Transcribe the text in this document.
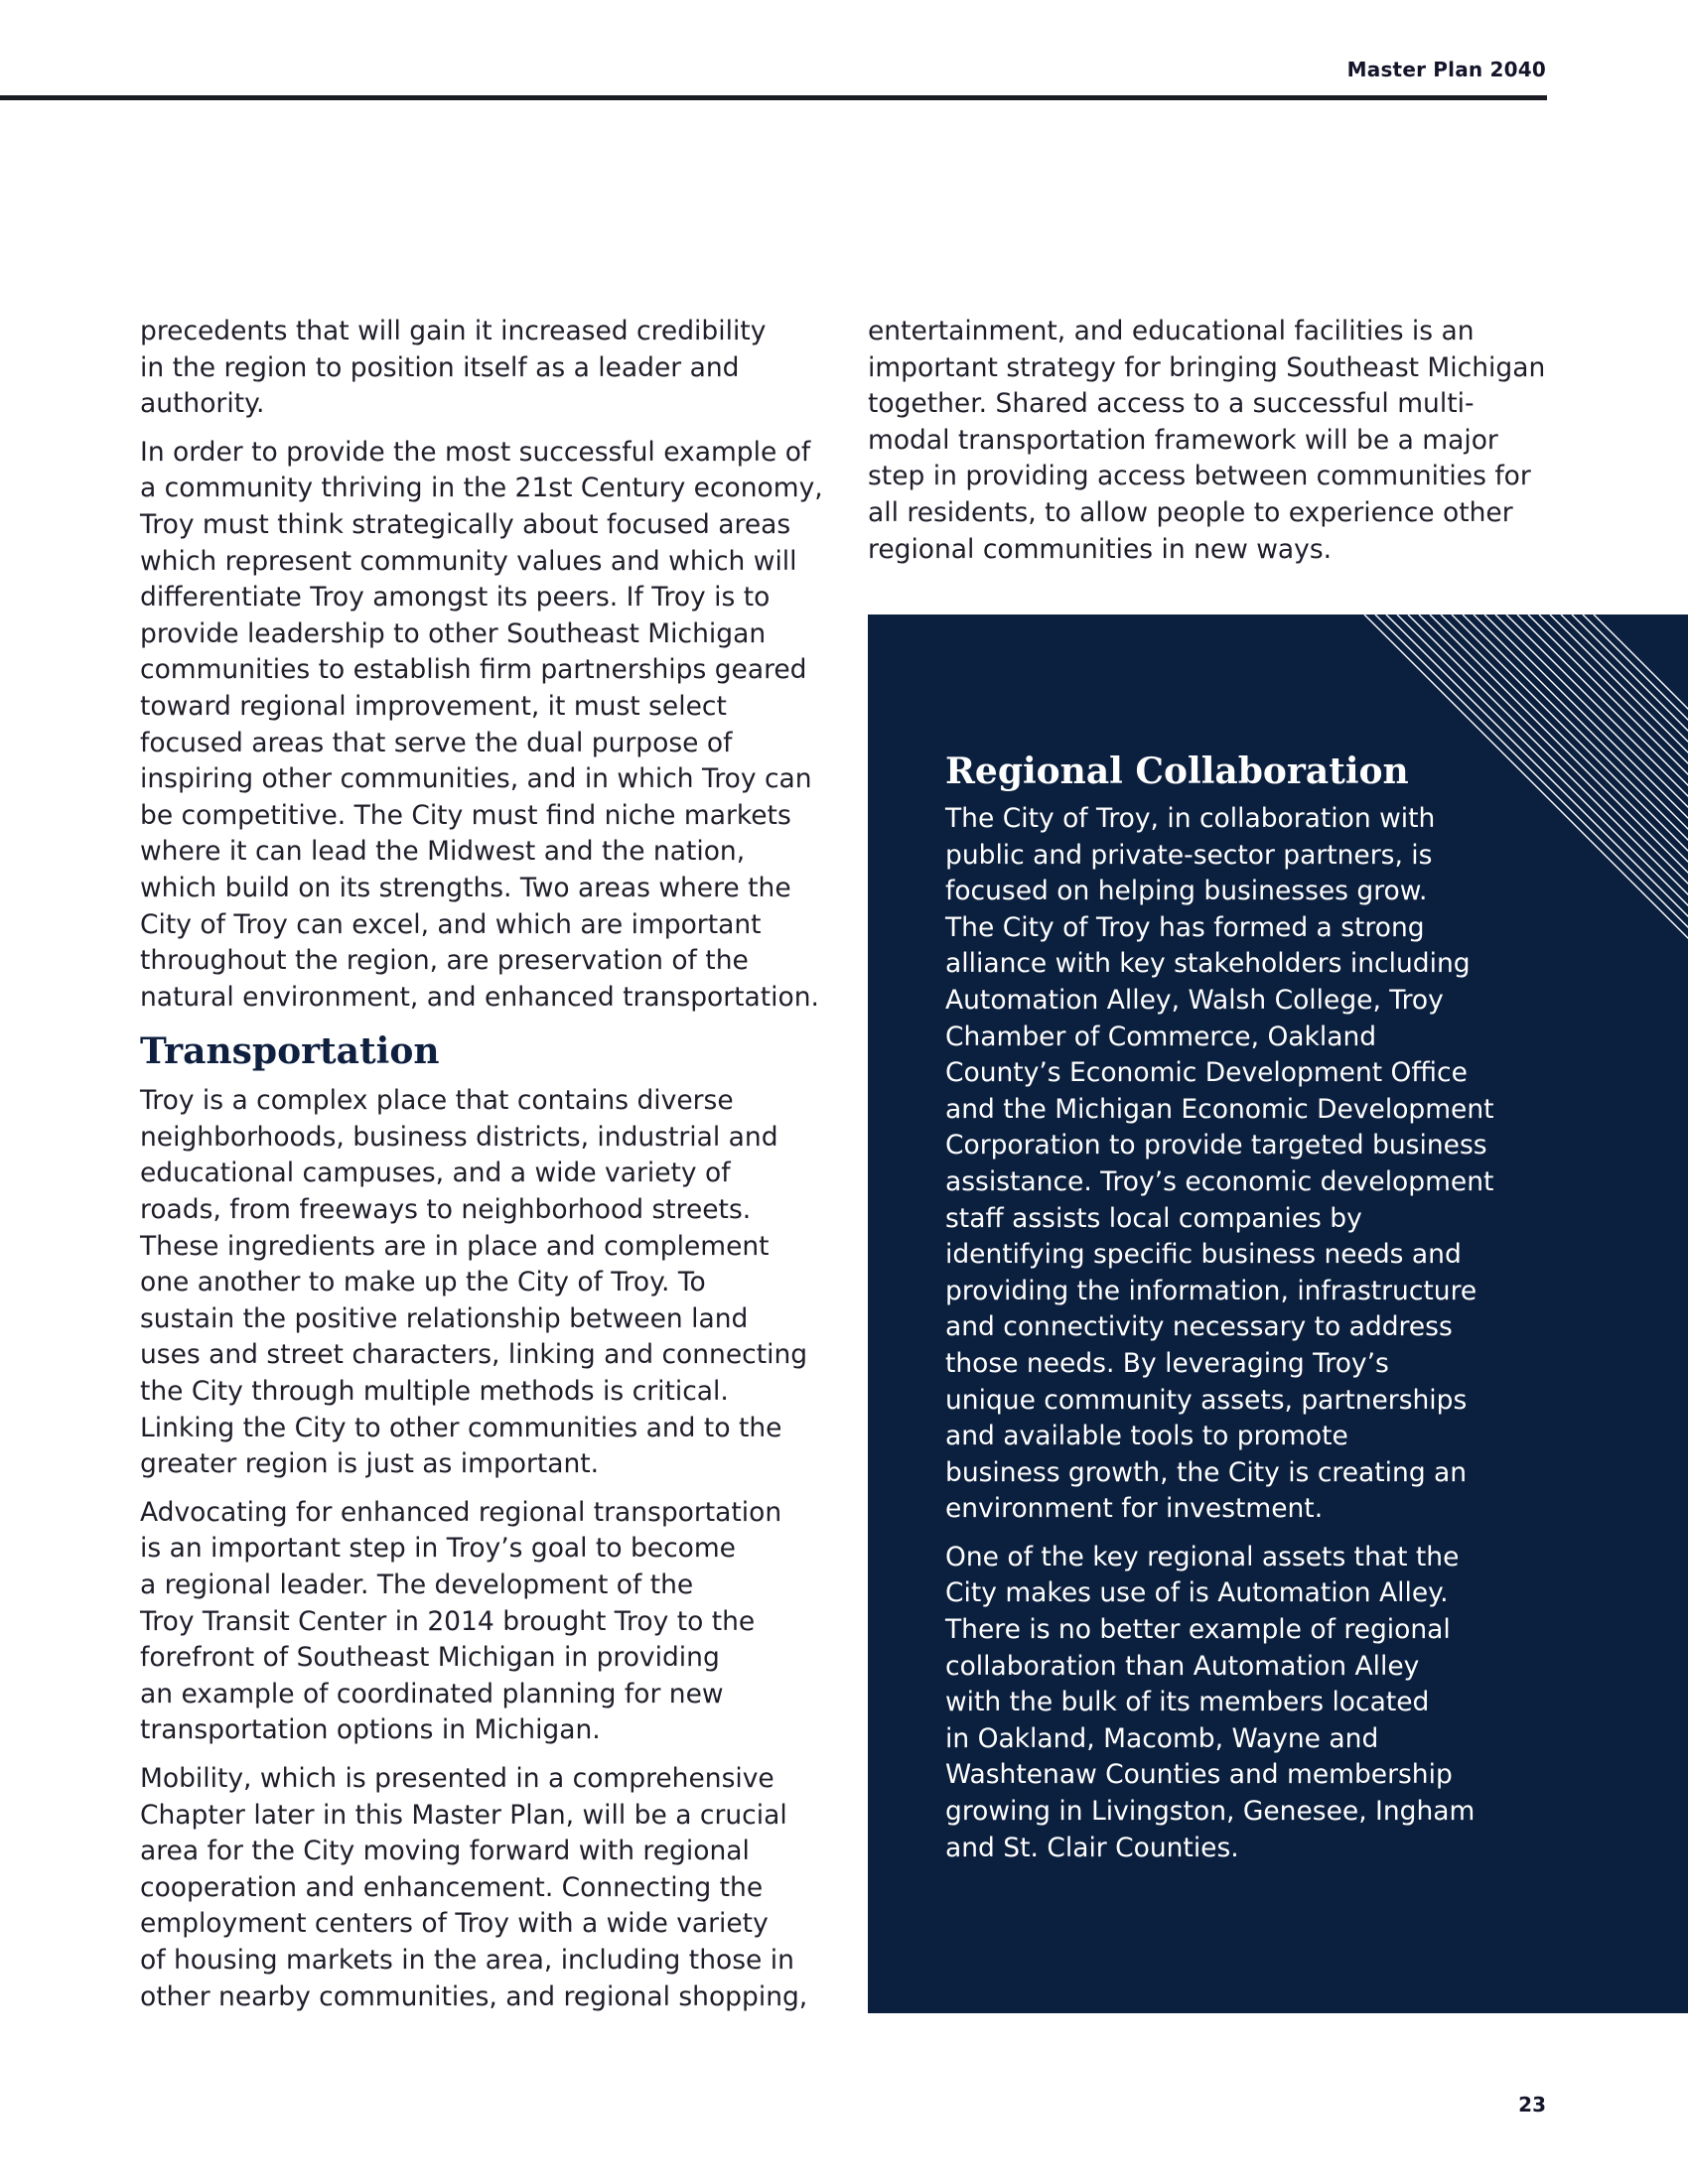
Master Plan 2040

precedents that will gain it increased credibility
in the region to position itself as a leader and
authority.

In order to provide the most successful example of
a community thriving in the 21st Century economy,
Troy must think strategically about focused areas
which represent community values and which will
differentiate Troy amongst its peers. If Troy is to
provide leadership to other Southeast Michigan
communities to establish firm partnerships geared
toward regional improvement, it must select
focused areas that serve the dual purpose of
inspiring other communities, and in which Troy can
be competitive. The City must find niche markets
where it can lead the Midwest and the nation,
which build on its strengths. Two areas where the
City of Troy can excel, and which are important
throughout the region, are preservation of the
natural environment, and enhanced transportation.

Transportation

Troy is a complex place that contains diverse
neighborhoods, business districts, industrial and
educational campuses, and a wide variety of
roads, from freeways to neighborhood streets.
These ingredients are in place and complement
one another to make up the City of Troy. To
sustain the positive relationship between land
uses and street characters, linking and connecting
the City through multiple methods is critical.
Linking the City to other communities and to the
greater region is just as important.

Advocating for enhanced regional transportation
is an important step in Troy’s goal to become
a regional leader. The development of the
Troy Transit Center in 2014 brought Troy to the
forefront of Southeast Michigan in providing
an example of coordinated planning for new
transportation options in Michigan.

Mobility, which is presented in a comprehensive
Chapter later in this Master Plan, will be a crucial
area for the City moving forward with regional
cooperation and enhancement. Connecting the
employment centers of Troy with a wide variety
of housing markets in the area, including those in
other nearby communities, and regional shopping,

entertainment, and educational facilities is an
important strategy for bringing Southeast Michigan
together. Shared access to a successful multi-
modal transportation framework will be a major
step in providing access between communities for
all residents, to allow people to experience other
regional communities in new ways.

Regional Collaboration

The City of Troy, in collaboration with
public and private-sector partners, is
focused on helping businesses grow.
The City of Troy has formed a strong
alliance with key stakeholders including
Automation Alley, Walsh College, Troy
Chamber of Commerce, Oakland
County’s Economic Development Office
and the Michigan Economic Development
Corporation to provide targeted business
assistance. Troy’s economic development
staff assists local companies by
identifying specific business needs and
providing the information, infrastructure
and connectivity necessary to address
those needs. By leveraging Troy’s
unique community assets, partnerships
and available tools to promote
business growth, the City is creating an
environment for investment.

One of the key regional assets that the
City makes use of is Automation Alley.
There is no better example of regional
collaboration than Automation Alley
with the bulk of its members located
in Oakland, Macomb, Wayne and
Washtenaw Counties and membership
growing in Livingston, Genesee, Ingham
and St. Clair Counties.

23
